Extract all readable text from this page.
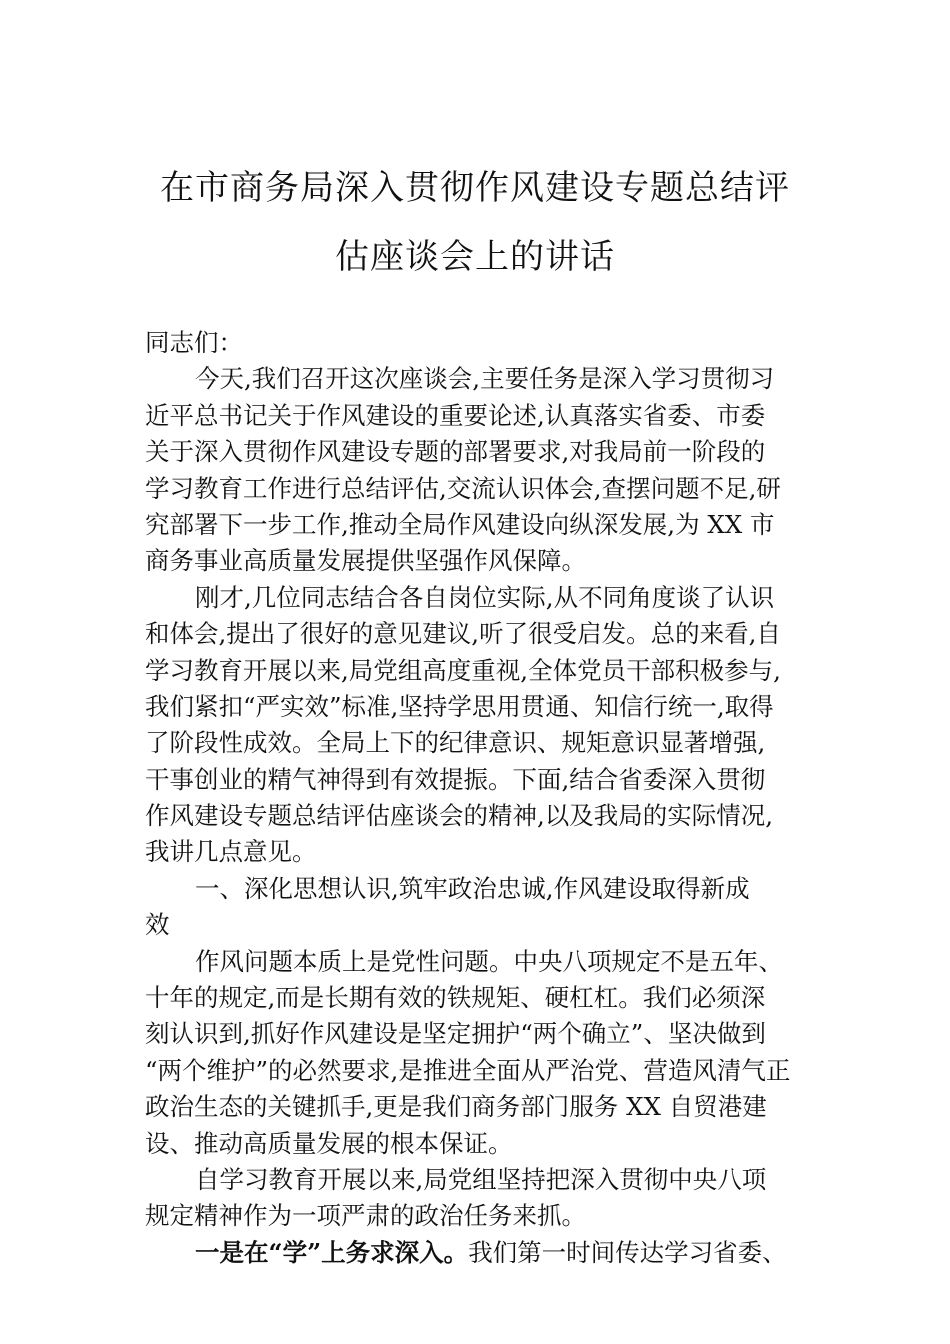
在市商务局深入贯彻作风建设专题总结评
估座谈会上的讲话
同志们：
今天,我们召开这次座谈会,主要任务是深入学习贯彻习
近平总书记关于作风建设的重要论述,认真落实省委、市委
关于深入贯彻作风建设专题的部署要求,对我局前一阶段的
学习教育工作进行总结评估,交流认识体会,查摆问题不足,研
究部署下一步工作,推动全局作风建设向纵深发展,为 XX 市
商务事业高质量发展提供坚强作风保障。
刚才,几位同志结合各自岗位实际,从不同角度谈了认识
和体会,提出了很好的意见建议,听了很受启发。总的来看,自
学习教育开展以来,局党组高度重视,全体党员干部积极参与,
我们紧扣“严实效”标准,坚持学思用贯通、知信行统一,取得
了阶段性成效。全局上下的纪律意识、规矩意识显著增强,
干事创业的精气神得到有效提振。下面,结合省委深入贯彻
作风建设专题总结评估座谈会的精神,以及我局的实际情况,
我讲几点意见。
一、深化思想认识,筑牢政治忠诚,作风建设取得新成
效
作风问题本质上是党性问题。中央八项规定不是五年、
十年的规定,而是长期有效的铁规矩、硬杠杠。我们必须深
刻认识到,抓好作风建设是坚定拥护“两个确立”、坚决做到
“两个维护”的必然要求,是推进全面从严治党、营造风清气正
政治生态的关键抓手,更是我们商务部门服务 XX 自贸港建
设、推动高质量发展的根本保证。
自学习教育开展以来,局党组坚持把深入贯彻中央八项
规定精神作为一项严肃的政治任务来抓。
一是在“学”上务求深入。我们第一时间传达学习省委、
